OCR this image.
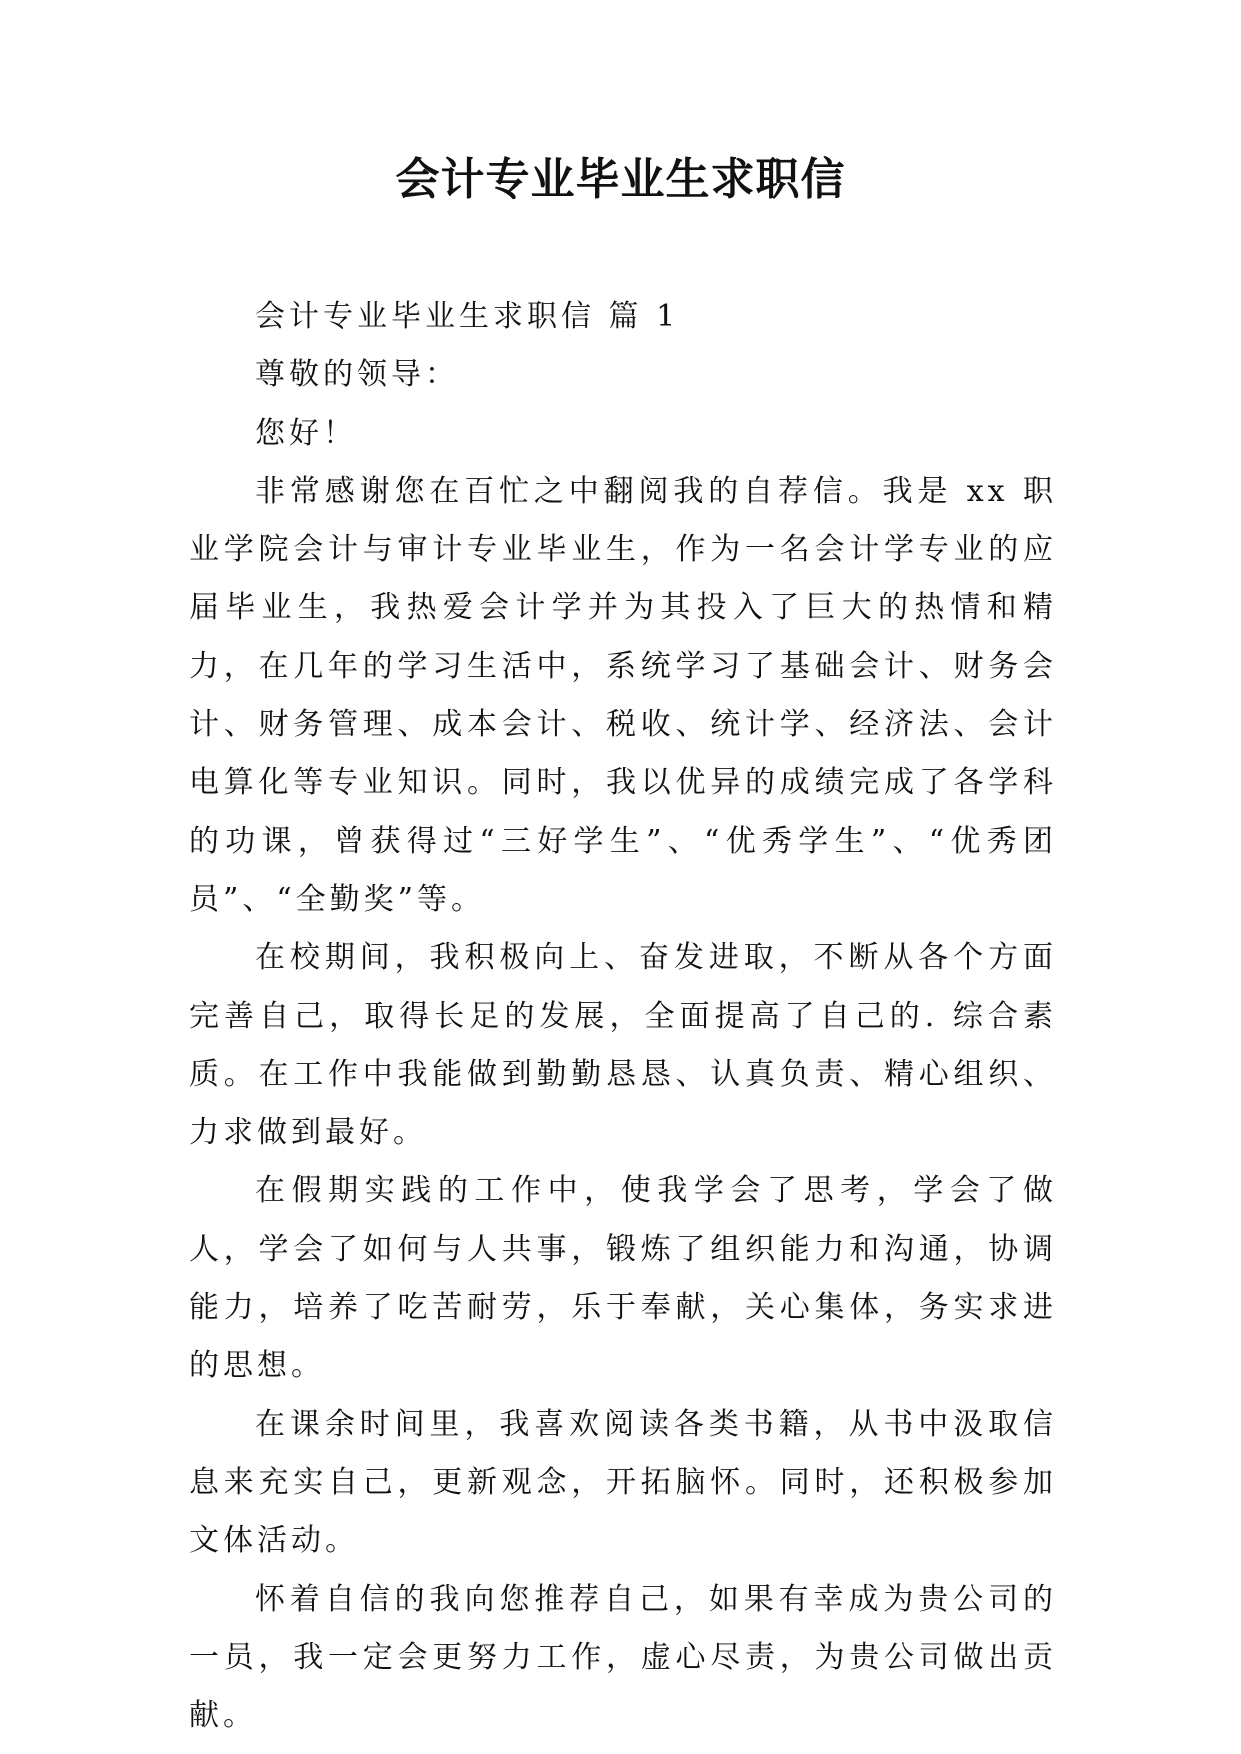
会计专业毕业生求职信

会计专业毕业生求职信 篇 1

尊敬的领导：

您好！

非常感谢您在百忙之中翻阅我的自荐信。我是 xx 职业学院会计与审计专业毕业生，作为一名会计学专业的应届毕业生，我热爱会计学并为其投入了巨大的热情和精力，在几年的学习生活中，系统学习了基础会计、财务会计、财务管理、成本会计、税收、统计学、经济法、会计电算化等专业知识。同时，我以优异的成绩完成了各学科的功课，曾获得过“三好学生”、“优秀学生”、“优秀团员”、“全勤奖”等。

在校期间，我积极向上、奋发进取，不断从各个方面完善自己，取得长足的发展，全面提高了自己的. 综合素质。在工作中我能做到勤勤恳恳、认真负责、精心组织、力求做到最好。

在假期实践的工作中，使我学会了思考，学会了做人，学会了如何与人共事，锻炼了组织能力和沟通，协调能力，培养了吃苦耐劳，乐于奉献，关心集体，务实求进的思想。

在课余时间里，我喜欢阅读各类书籍，从书中汲取信息来充实自己，更新观念，开拓脑怀。同时，还积极参加文体活动。

怀着自信的我向您推荐自己，如果有幸成为贵公司的一员，我一定会更努力工作，虚心尽责，为贵公司做出贡献。
